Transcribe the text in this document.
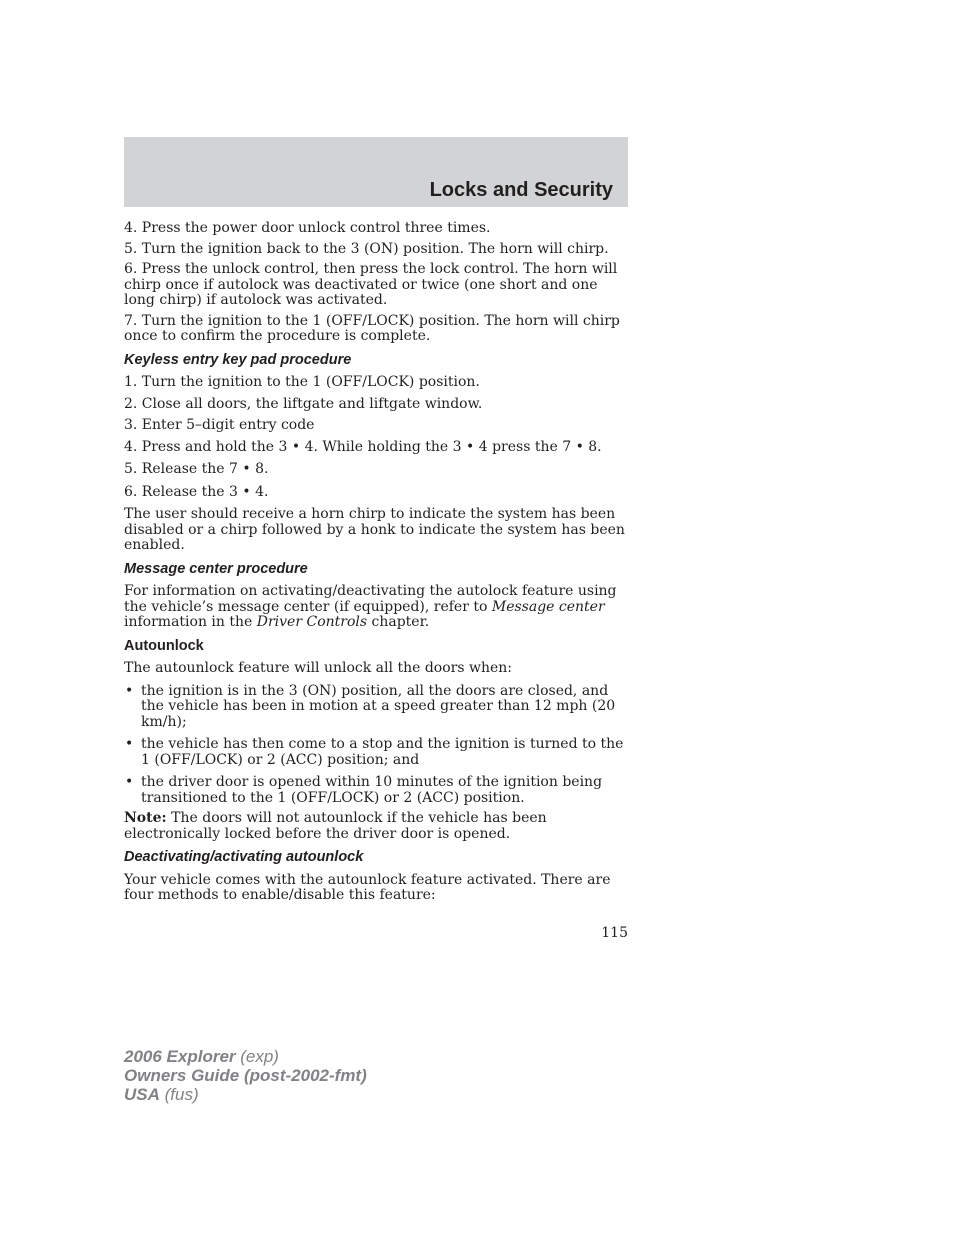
Locks and Security
4. Press the power door unlock control three times.
5. Turn the ignition back to the 3 (ON) position. The horn will chirp.
6. Press the unlock control, then press the lock control. The horn will chirp once if autolock was deactivated or twice (one short and one long chirp) if autolock was activated.
7. Turn the ignition to the 1 (OFF/LOCK) position. The horn will chirp once to confirm the procedure is complete.
Keyless entry key pad procedure
1. Turn the ignition to the 1 (OFF/LOCK) position.
2. Close all doors, the liftgate and liftgate window.
3. Enter 5–digit entry code
4. Press and hold the 3 • 4. While holding the 3 • 4 press the 7 • 8.
5. Release the 7 • 8.
6. Release the 3 • 4.
The user should receive a horn chirp to indicate the system has been disabled or a chirp followed by a honk to indicate the system has been enabled.
Message center procedure
For information on activating/deactivating the autolock feature using the vehicle’s message center (if equipped), refer to Message center information in the Driver Controls chapter.
Autounlock
The autounlock feature will unlock all the doors when:
• the ignition is in the 3 (ON) position, all the doors are closed, and the vehicle has been in motion at a speed greater than 12 mph (20 km/h);
• the vehicle has then come to a stop and the ignition is turned to the 1 (OFF/LOCK) or 2 (ACC) position; and
• the driver door is opened within 10 minutes of the ignition being transitioned to the 1 (OFF/LOCK) or 2 (ACC) position.
Note: The doors will not autounlock if the vehicle has been electronically locked before the driver door is opened.
Deactivating/activating autounlock
Your vehicle comes with the autounlock feature activated. There are four methods to enable/disable this feature:
115
2006 Explorer (exp)
Owners Guide (post-2002-fmt)
USA (fus)
